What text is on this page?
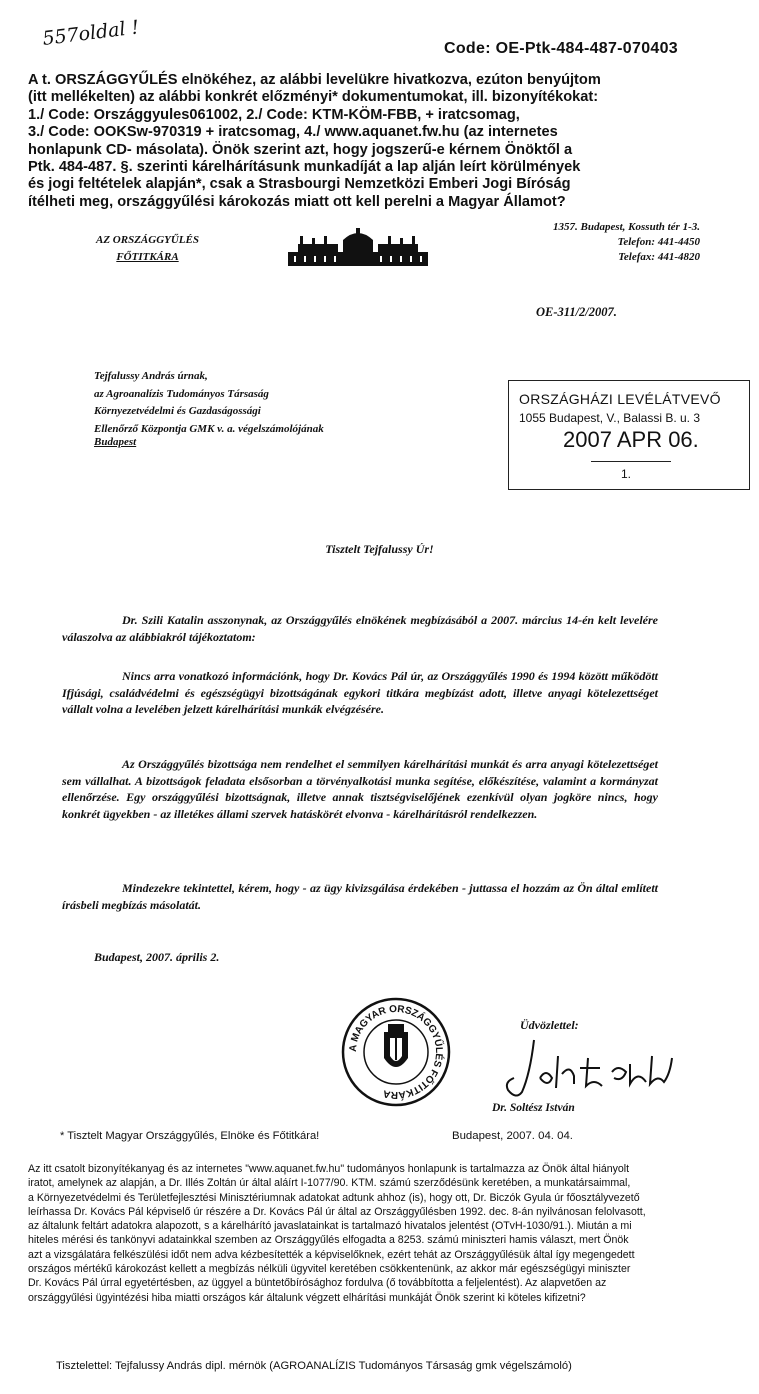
557oldal !	Code: OE-Ptk-484-487-070403
A t. ORSZÁGGYŰLÉS elnökéhez, az alábbi levelükre hivatkozva, ezúton benyújtom
(itt mellékelten) az alábbi konkrét előzményi* dokumentumokat, ill. bizonyítékokat:
1./ Code: Országgyules061002, 2./ Code: KTM-KÖM-FBB, + iratcsomag,
3./ Code: OOKSw-970319 + iratcsomag, 4./ www.aquanet.fw.hu (az internetes
honlapunk CD- másolata). Önök szerint azt, hogy jogszerű-e kérnem Önöktől a
Ptk. 484-487. §. szerinti kárelhárításunk munkadíját a lap alján leírt körülmények
és jogi feltételek alapján*, csak a Strasbourgi Nemzetközi Emberi Jogi Bíróság
ítélheti meg, országgyűlési károkozás miatt ott kell perelni a Magyar Államot?
AZ ORSZÁGGYŰLÉS
FŐTITKÁRA
1357. Budapest, Kossuth tér 1-3.
Telefon: 441-4450
Telefax: 441-4820
OE-311/2/2007.
Tejfalussy András úrnak,
az Agroanalízis Tudományos Társaság
Környezetvédelmi és Gazdaságossági
Ellenőrző Központja GMK v. a. végelszámolójának
Budapest
ORSZÁGHÁZI LEVÉLÁTVEVŐ
1055 Budapest, V., Balassi B. u. 3
2007 APR 06.
1.
Tisztelt Tejfalussy Úr!
Dr. Szili Katalin asszonynak, az Országgyűlés elnökének megbízásából a 2007. március 14-én kelt levelére válaszolva az alábbiakról tájékoztatom:
Nincs arra vonatkozó információnk, hogy Dr. Kovács Pál úr, az Országgyűlés 1990 és 1994 között működött Ifjúsági, családvédelmi és egészségügyi bizottságának egykori titkára megbízást adott, illetve anyagi kötelezettséget vállalt volna a levelében jelzett kárelhárítási munkák elvégzésére.
Az Országgyűlés bizottsága nem rendelhet el semmilyen kárelhárítási munkát és arra anyagi kötelezettséget sem vállalhat. A bizottságok feladata elsősorban a törvényalkotási munka segítése, előkészítése, valamint a kormányzat ellenőrzése. Egy országgyűlési bizottságnak, illetve annak tisztségviselőjének ezenkívül olyan jogköre nincs, hogy konkrét ügyekben - az illetékes állami szervek hatáskörét elvonva - kárelhárításról rendelkezzen.
Mindezekre tekintettel, kérem, hogy - az ügy kivizsgálása érdekében - juttassa el hozzám az Ön által említett írásbeli megbízás másolatát.
Budapest, 2007. április 2.
A MAGYAR ORSZÁGGYŰLÉS FŐTITKÁRA
Üdvözlettel:
Dr. Soltész István
* Tisztelt Magyar Országgyűlés, Elnöke és Főtitkára!	Budapest, 2007. 04. 04.
Az itt csatolt bizonyítékanyag és az internetes "www.aquanet.fw.hu" tudományos honlapunk is tartalmazza az Önök által hiányolt
iratot, amelynek az alapján, a Dr. Illés Zoltán úr által aláírt I-1077/90. KTM. számú szerződésünk keretében, a munkatársaimmal,
a Környezetvédelmi és Területfejlesztési Minisztériumnak adatokat adtunk ahhoz (is), hogy ott, Dr. Biczók Gyula úr főosztályvezető
leírhassa Dr. Kovács Pál képviselő úr részére a Dr. Kovács Pál úr által az Országgyűlésben 1992. dec. 8-án nyilvánosan felolvasott,
az általunk feltárt adatokra alapozott, s a kárelhárító javaslatainkat is tartalmazó hivatalos jelentést (OTvH-1030/91.). Miután a mi
hiteles mérési és tankönyvi adatainkkal szemben az Országgyűlés elfogadta a 8253. számú miniszteri hamis választ, mert Önök
azt a vizsgálatára felkészülési időt nem adva kézbesítették a képviselőknek, ezért tehát az Országgyűlésük által így megengedett
országos mértékű károkozást kellett a megbízás nélküli ügyvitel keretében csökkentenünk, az akkor már egészségügyi miniszter
Dr. Kovács Pál úrral egyetértésben, az üggyel a büntetőbírósághoz fordulva (ő továbbította a feljelentést). Az alapvetően az
országgyűlési ügyintézési hiba miatti országos kár általunk végzett elhárítási munkáját Önök szerint ki köteles kifizetni?
Tisztelettel: Tejfalussy András dipl. mérnök (AGROANALÍZIS Tudományos Társaság gmk végelszámoló)
